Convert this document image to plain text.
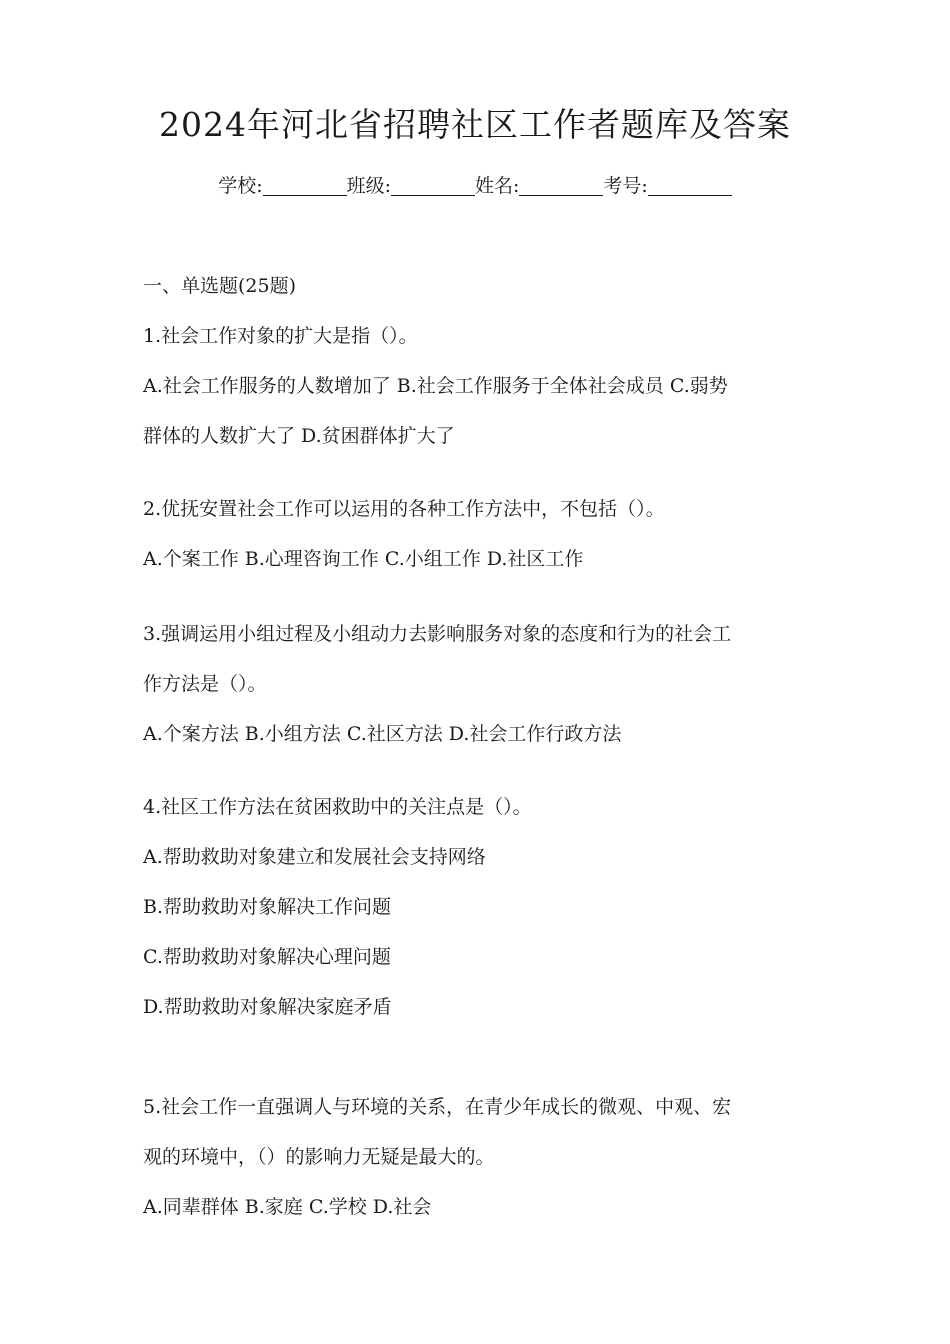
2024年河北省招聘社区工作者题库及答案
学校:	班级:	姓名:	考号:
一、单选题(25题)
1.社会工作对象的扩大是指（）。
A.社会工作服务的人数增加了 B.社会工作服务于全体社会成员 C.弱势
群体的人数扩大了 D.贫困群体扩大了
2.优抚安置社会工作可以运用的各种工作方法中，不包括（）。
A.个案工作 B.心理咨询工作 C.小组工作 D.社区工作
3.强调运用小组过程及小组动力去影响服务对象的态度和行为的社会工
作方法是（）。
A.个案方法 B.小组方法 C.社区方法 D.社会工作行政方法
4.社区工作方法在贫困救助中的关注点是（）。
A.帮助救助对象建立和发展社会支持网络
B.帮助救助对象解决工作问题
C.帮助救助对象解决心理问题
D.帮助救助对象解决家庭矛盾
5.社会工作一直强调人与环境的关系，在青少年成长的微观、中观、宏
观的环境中，（）的影响力无疑是最大的。
A.同辈群体 B.家庭 C.学校 D.社会
